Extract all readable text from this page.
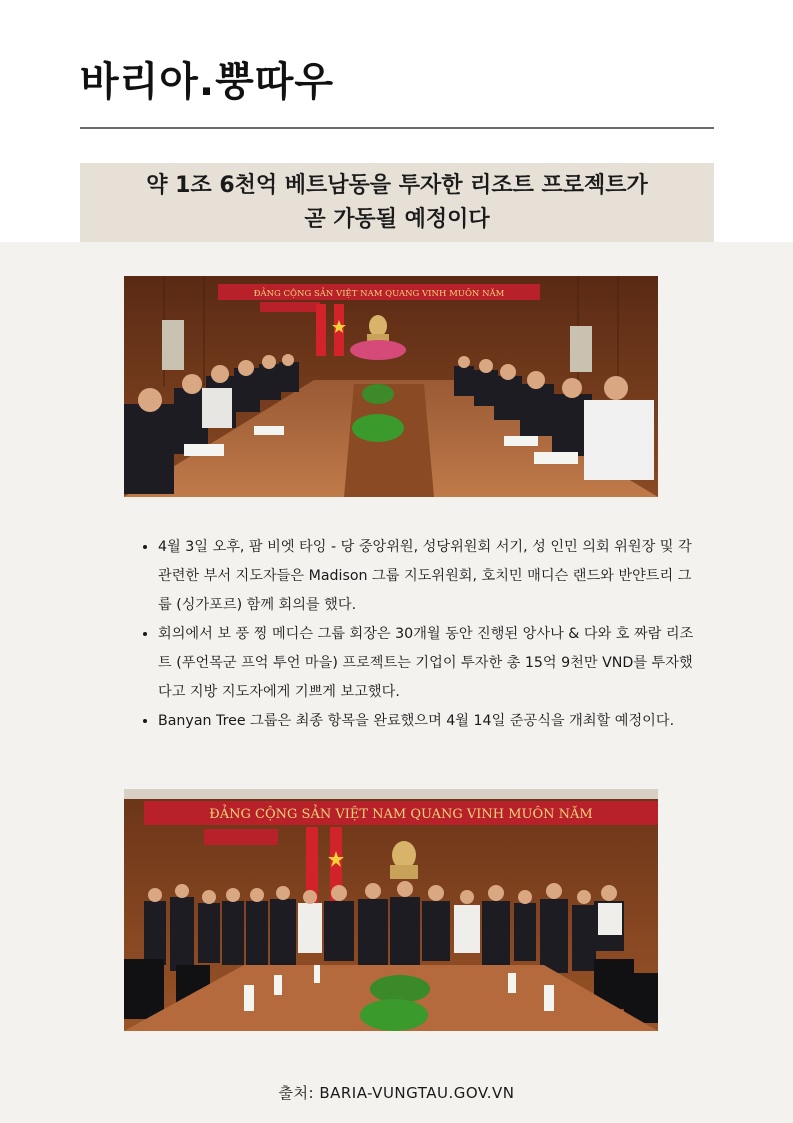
바리아.뿡따우
약 1조 6천억 베트남동을 투자한 리조트 프로젝트가
곧 가동될 예정이다
ĐẢNG CỘNG SẢN VIỆT NAM QUANG VINH MUÔN NĂM
• 4월 3일 오후, 팜 비엣 타잉 - 당 중앙위원, 성당위원회 서기, 성 인민 의회 위원장 및 각 관련한 부서 지도자들은 Madison 그룹 지도위원회, 호치민 매디슨 랜드와 반얀트리 그룹 (싱가포르) 함께 회의를 했다.
• 회의에서 보 풍 찡 메디슨 그룹 회장은 30개월 동안 진행된 앙사나 & 다와 호 짜람 리조트 (푸언목군 프억 투언 마을) 프로젝트는 기업이 투자한 총 15억 9천만 VND를 투자했다고 지방 지도자에게 기쁘게 보고했다.
• Banyan Tree 그룹은 최종 항목을 완료했으며 4월 14일 준공식을 개최할 예정이다.
ĐẢNG CỘNG SẢN VIỆT NAM QUANG VINH MUÔN NĂM
출처: BARIA-VUNGTAU.GOV.VN
